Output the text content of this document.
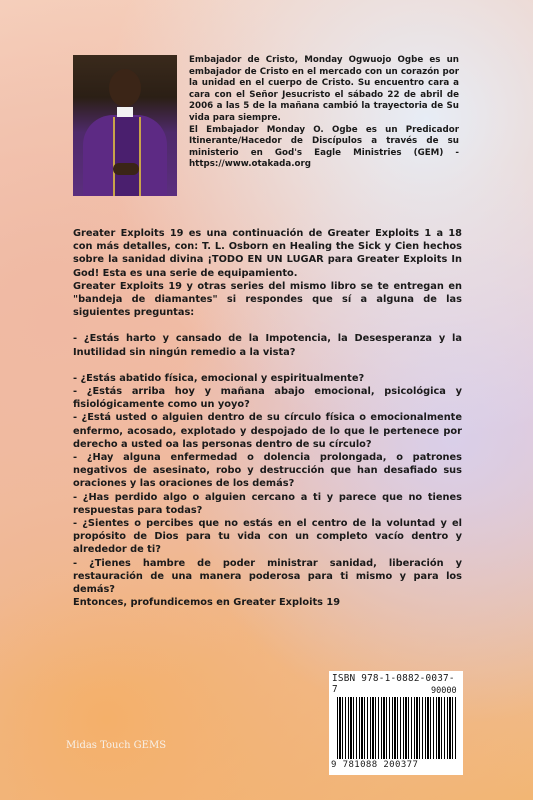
Embajador de Cristo, Monday Ogwuojo Ogbe es un embajador de Cristo en el mercado con un corazón por la unidad en el cuerpo de Cristo. Su encuentro cara a cara con el Señor Jesucristo el sábado 22 de abril de 2006 a las 5 de la mañana cambió la trayectoria de Su vida para siempre.

El Embajador Monday O. Ogbe es un Predicador Itinerante/Hacedor de Discípulos a través de su ministerio en God's Eagle Ministries (GEM) - https://www.otakada.org

Greater Exploits 19 es una continuación de Greater Exploits 1 a 18 con más detalles, con: T. L. Osborn en Healing the Sick y Cien hechos sobre la sanidad divina ¡TODO EN UN LUGAR para Greater Exploits In God! Esta es una serie de equipamiento.

Greater Exploits 19 y otras series del mismo libro se te entregan en "bandeja de diamantes" si respondes que sí a alguna de las siguientes preguntas:

- ¿Estás harto y cansado de la Impotencia, la Desesperanza y la Inutilidad sin ningún remedio a la vista?

- ¿Estás abatido física, emocional y espiritualmente?

- ¿Estás arriba hoy y mañana abajo emocional, psicológica y fisiológicamente como un yoyo?

- ¿Está usted o alguien dentro de su círculo física o emocionalmente enfermo, acosado, explotado y despojado de lo que le pertenece por derecho a usted oa las personas dentro de su círculo?

- ¿Hay alguna enfermedad o dolencia prolongada, o patrones negativos de asesinato, robo y destrucción que han desafiado sus oraciones y las oraciones de los demás?

- ¿Has perdido algo o alguien cercano a ti y parece que no tienes respuestas para todas?

- ¿Sientes o percibes que no estás en el centro de la voluntad y el propósito de Dios para tu vida con un completo vacío dentro y alrededor de ti?

- ¿Tienes hambre de poder ministrar sanidad, liberación y restauración de una manera poderosa para ti mismo y para los demás?

Entonces, profundicemos en Greater Exploits 19

ISBN 978-1-0882-0037-7	90000
9 781088 200377
Midas Touch GEMS
